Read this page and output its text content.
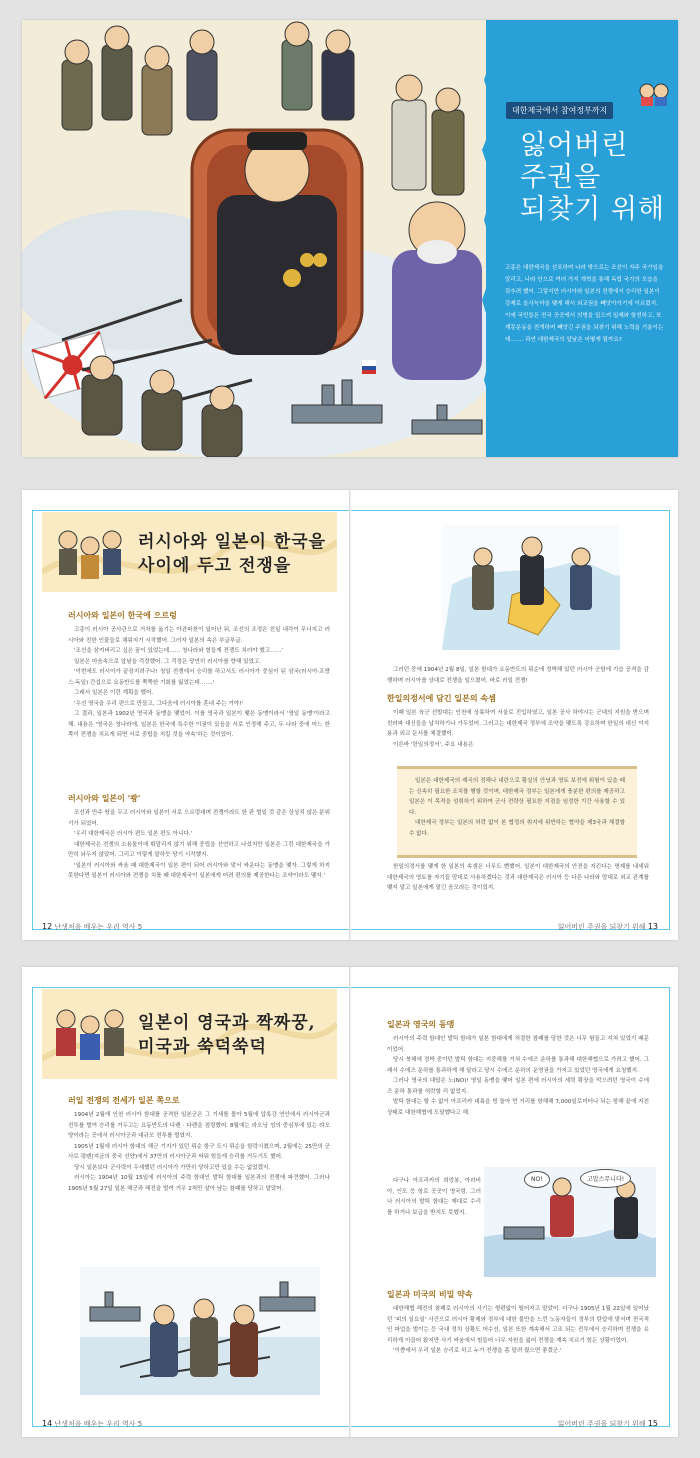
대한제국에서 참여정부까지
잃어버린
주권을
되찾기 위해
고종은 대한제국을 선포하며 나라 밖으로는 조선이 자주 국가임을 알리고, 나라 안으로 여러 가지 개혁을 통해 독립 국가의 모습을 갖추려 했어. 그렇지만 러시아와 일본의 전쟁에서 승리한 일본이 강제로 을사늑약을 맺게 해서 외교권을 빼앗아가기에 이르렀지. 이에 국민들은 전국 곳곳에서 의병을 일으켜 일제와 항전하고, 또 계몽운동을 전개하며 빼앗긴 주권을 되찾기 위해 노력을 기울이는데……. 과연 대한제국의 앞날은 어떻게 될까요?
러시아와 일본이 한국을
사이에 두고 전쟁을
러시아와 일본이 한국에 으르렁

고종이 러시아 공사관으로 거처를 옮기는 아관파천이 일어난 뒤, 조선의 조정은 친일 내각이 무너지고 러시아와 친한 인물들로 채워지기 시작했어. 그러자 일본의 속은 부글부글.

'조선을 삼켜버리고 싶은 꿈이 있었는데…… 청나라와 힘들게 전쟁도 치러야 했고……'

일본은 마음속으로 앞날을 걱정했어. 그 걱정은 당연히 러시아를 향해 있었고.

'이번에도 러시아가 끝장지려구나! 청일 전쟁에서 승리를 하고서도 러시아가 중심이 된 삼국(러시아·프랑스·독일) 간섭으로 요동반도를 쭉쭉한 기회를 잃었는데…….'

그래서 일본은 이런 계획을 했어.

'우선 영국을 우리 편으로 만들고, 그다음에 러시아를 혼내 주는 거야!'

그 결과, 일본과 1902년 영국과 동맹을 맺었어. 이를 영국과 일본이 맺은 동맹이라서 '영일 동맹'이라고 해. 내용은 '영국은 청나라에, 일본은 한국에 특수한 이권이 있음을 서로 인정해 주고, 두 나라 중에 어느 한쪽이 전쟁을 치르게 되면 서로 중립을 지킬 것을 약속'하는 것이었어.

러시아와 일본이 '쾅'

조선과 만주 땅을 두고 러시아와 일본이 서로 으르렁대며 전쟁이라도 한 판 벌일 것 같은 상상치 않은 분위기가 되었어.

'우리 대한제국은 러시아 편도 일본 편도 아니다.'

대한제국은 전쟁의 소용돌이에 휘말리지 않기 위해 중립을 선언하고 나섰지만 일본은 그런 대한제국을 가만히 놔두지 않았어. 그리고 이렇게 말하듯 당기 시작했지.

'일본이 러시아와 싸움 때 대한제국이 일본 편이 되어 러시아와 맞서 싸운다는 동맹을 맺자. 그렇게 하지 못한다면 일본이 러시아와 전쟁을 치를 때 대한제국이 일본에게 어려 편의를 제공한다는 조약이라도 맺자.'

12 난생처음 배우는 우리 역사 5

그러던 중에 1904년 2월 8일, 일본 함대가 요동반도의 뤼순에 정박해 있던 러시아 군함에 기습 공격을 감행하며 러시아를 상대로 전쟁을 일으켰어. 바로 러일 전쟁!

한일의정서에 담긴 일본의 속셈

이때 일본 육군 선발대는 인천에 상륙하여 서울로 진입하였고, 일본 공사 하야시는 군대의 지원을 받으며 친러파 대신들을 납치하기나 가두었어. 그러고는 대한제국 정부에 조약을 맺도록 강요하며 한일의 대신 이지용과 외교 문서를 체결했어.

이른바 '한일의정서', 주요 내용은

일본은 대한제국의 제국의 정해나 내란으로 황실의 안녕과 영토 보전에 위험이 있을 때는 신속히 필요한 조치를 행할 것이며, 대한제국 정부는 일본에게 충분한 편의를 제공하고 일본은 이 목적을 성취하기 위하여 군사 전략상 필요한 지점을 임정한 기간 사용할 수 있다.

대한제국 정부는 일본의 허락 없이 본 협정의 취지에 위반하는 협약을 제3국과 체결할 수 없다.

한일의정서를 맺게 한 일본의 속셈은 너무도 뻔했어. 일본이 대한제국의 안전을 지킨다는 명제를 내세워 대한제국의 영토를 자기들 맘대로 사용하겠다는 것과 대한제국은 러시아 등 다른 나라와 맘대로 외교 관계를 맺지 말고 일본에게 맡긴 음모라는 것이었지.

잃어버린 주권을 되찾기 위해 13
일본이 영국과 짝짜꿍,
미국과 쑥덕쑥덕
러일 전쟁의 전세가 일본 쪽으로

1904년 2월에 인천 러시아 함대를 공격한 일본군은 그 기세를 몰아 5월에 압록강 연안에서 러시아군과 전투를 벌여 승리를 거두고는 요동반도의 다롄 · 다롄을 점령했어. 8월에는 라오닝 성의 중심부에 있는 랴오양이라는 곳에서 러시아군과 대규모 전투를 벌였지.

1905년 1월에 러시아 함대의 해군 기지가 있던 뤼순 항구 도시 뤼순을 함락시켰으며, 2월에는 25만의 군사로 펑톈(지금의 중국 선양)에서 37만의 러시아군과 싸워 힘들게 승리를 거두기도 했어.

당시 일본보다 군사력이 우세했던 러시아가 가만히 당하고만 있을 수는 없었겠지.

러시아는 1904년 10월 15일에 러시아의 주력 함대인 발틱 함대를 일본과의 전쟁에 파견했어. 그러나 1905년 5월 27일 일본 해군과 해전을 벌여 거우 2척만 살아 남는 참패를 당하고 말았어.

14 난생처음 배우는 우리 역사 5
일본과 영국의 동맹

러시아의 주력 함대인 발틱 함대가 일본 함대에게 처절한 참패를 당한 것은 너무 험들고 지쳐 있었기 때문이었어.

당시 북해에 정박 중이던 발틱 함대는 지중해를 거쳐 수에즈 운하를 통과해 대한해협으로 가려고 했어. 그래서 수에즈 운하를 통과하게 해 달라고 당시 수에즈 운하의 운영권을 가지고 있었던 영국에게 요청했지.

그러나 영국의 대답은 노(NO)! 영일 동맹을 맺어 일본 편에 러시아의 세력 확장을 막으려던 영국이 수에즈 운하 통과를 허락할 리 없었지.

발틱 함대는 할 수 없이 아프리카 대륙을 빙 돌아 먼 거리를 항해해 7,000일로미터나 되는 항해 끝에 지친 상태로 대한해협에 도달했다고 해.

다구나 아프리카의 희망봉, 아라비아, 인도 등 항로 곳곳이 영국령. 그러나 러시아의 발틱 함대는 제대로 수리를 하거나 보급을 받지도 못했지.

NO!	고맙스무니다!
일본과 미국의 비밀 약속

대한해협 해전의 참패로 러시아의 사기는 형편없이 떨어지고 말았어. 더구나 1905년 1월 22일에 일어났던 '피의 일요일' 사건으로 러시아 황제와 정부에 대한 불만을 느낀 노동자들이 정부의 탄압에 맞서며 전국적인 파업을 벌이는 등 국내 정치 상황도 어수선, 일본 또한 계속해서 고조 되는 전투에서 승리하며 전쟁을 유리하게 이끌어 왔지만 사기 싸움에서 힘들어 너무 자원을 잃어 전쟁을 계속 치르기 힘든 상황이었어.

'이쯤에서 우리 일본 승리로 하고 누가 전쟁을 좀 말려 줬으면 좋겠군.'

잃어버린 주권을 되찾기 위해 15
